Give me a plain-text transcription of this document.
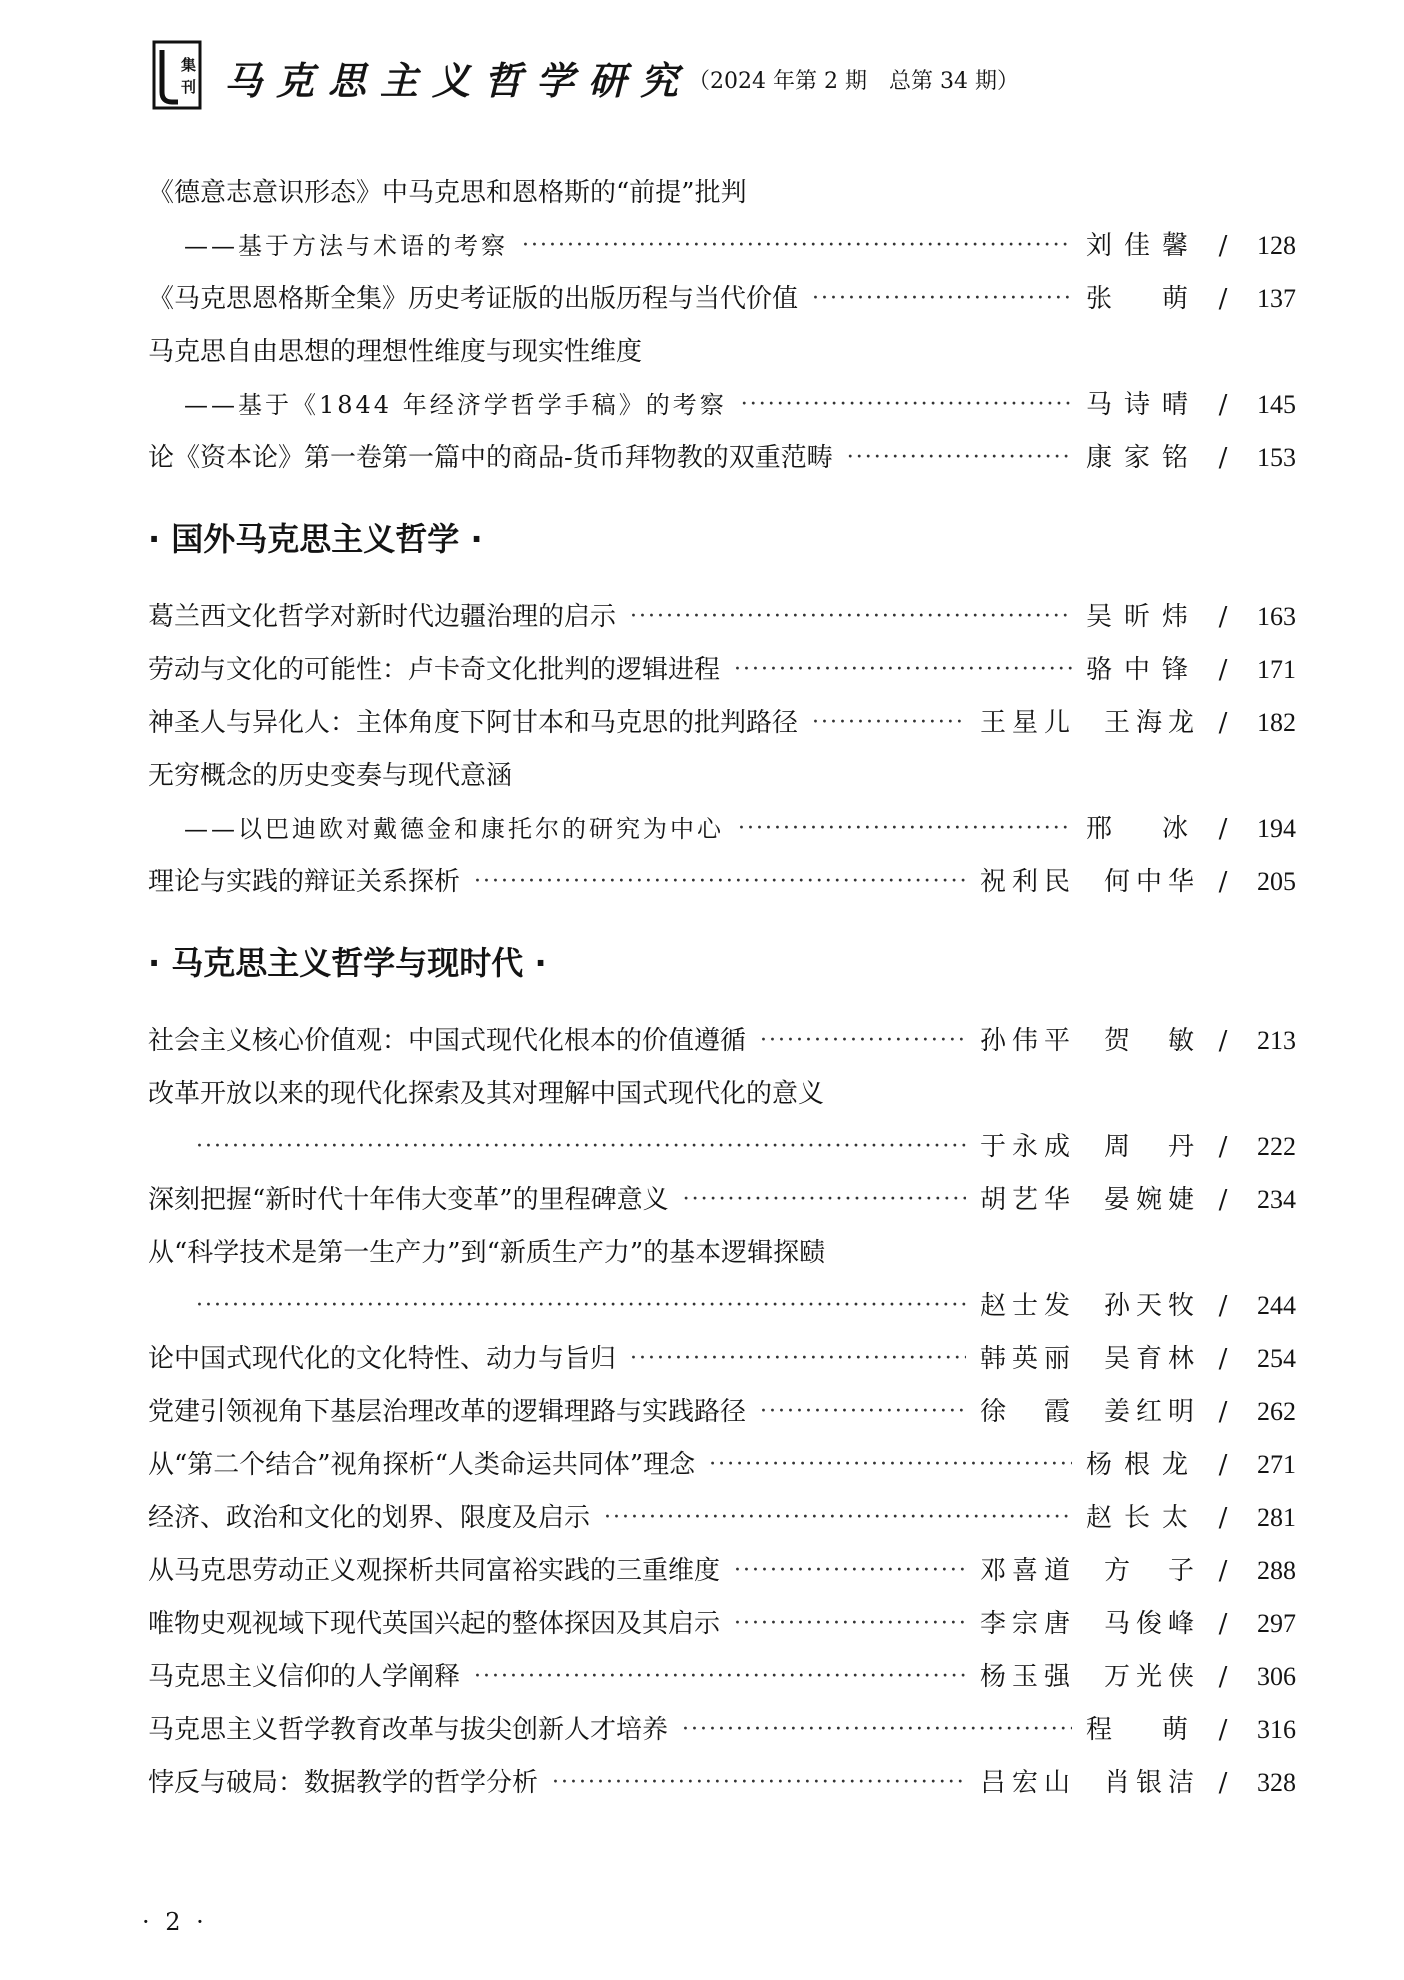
集
刊 马克思主义哲学研究
（2024 年第 2 期　总第 34 期）
《德意志意识形态》中马克思和恩格斯的“前提”批判
——基于方法与术语的考察 ·····	刘佳馨 /	128
《马克思恩格斯全集》历史考证版的出版历程与当代价值 ·····	张　萌 /	137
马克思自由思想的理想性维度与现实性维度
——基于《1844 年经济学哲学手稿》的考察 ·····	马诗晴 /	145
论《资本论》第一卷第一篇中的商品-货币拜物教的双重范畴 ·····	康家铭 /	153
· 国外马克思主义哲学 ·
葛兰西文化哲学对新时代边疆治理的启示 ·····	吴昕炜 /	163
劳动与文化的可能性：卢卡奇文化批判的逻辑进程 ·····	骆中锋 /	171
神圣人与异化人：主体角度下阿甘本和马克思的批判路径 ·····	王星儿	王海龙 /	182
无穷概念的历史变奏与现代意涵
——以巴迪欧对戴德金和康托尔的研究为中心 ·····	邢　冰 /	194
理论与实践的辩证关系探析 ·····	祝利民	何中华 /	205
· 马克思主义哲学与现时代 ·
社会主义核心价值观：中国式现代化根本的价值遵循 ·····	孙伟平	贺　敏 /	213
改革开放以来的现代化探索及其对理解中国式现代化的意义
·····
于永成	周　丹 /	222
深刻把握“新时代十年伟大变革”的里程碑意义 ·····	胡艺华	晏婉婕 /	234
从“科学技术是第一生产力”到“新质生产力”的基本逻辑探赜
·····
赵士发	孙天牧 /	244
论中国式现代化的文化特性、动力与旨归 ·····	韩英丽	吴育林 /	254
党建引领视角下基层治理改革的逻辑理路与实践路径 ·····	徐　霞	姜红明 /	262
从“第二个结合”视角探析“人类命运共同体”理念 ·····	杨根龙 /	271
经济、政治和文化的划界、限度及启示 ·····	赵长太 /	281
从马克思劳动正义观探析共同富裕实践的三重维度 ·····	邓喜道	方　子 /	288
唯物史观视域下现代英国兴起的整体探因及其启示 ·····	李宗唐	马俊峰 /	297
马克思主义信仰的人学阐释 ·····	杨玉强	万光侠 /	306
马克思主义哲学教育改革与拔尖创新人才培养 ·····	程　萌 /	316
悖反与破局：数据教学的哲学分析 ·····	吕宏山	肖银洁 /	328
· 2 ·
